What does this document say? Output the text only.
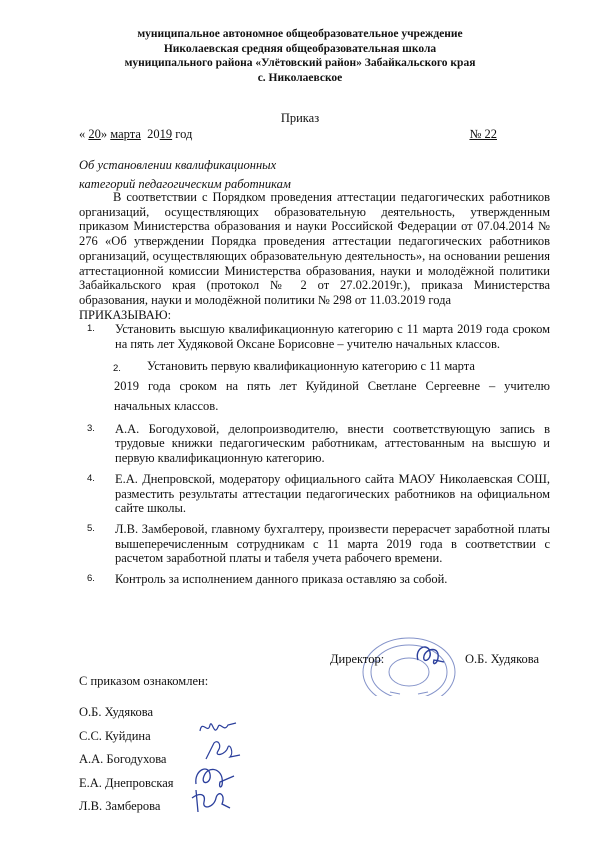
муниципальное автономное общеобразовательное учреждение
Николаевская средняя общеобразовательная школа
муниципального района «Улётовский район» Забайкальского края
с. Николаевское
Приказ
« 20» марта  2019 год	№ 22
Об установлении квалификационных
категорий педагогическим работникам

В соответствии с Порядком проведения аттестации педагогических работников организаций, осуществляющих образовательную деятельность, утвержденным приказом Министерства образования и науки Российской Федерации от 07.04.2014 № 276 «Об утверждении Порядка проведения аттестации педагогических работников организаций, осуществляющих образовательную деятельность», на основании решения аттестационной комиссии Министерства образования, науки и молодёжной политики Забайкальского края (протокол № 2 от 27.02.2019г.), приказа Министерства образования, науки и молодёжной политики № 298 от 11.03.2019 года

ПРИКАЗЫВАЮ:

1. Установить высшую квалификационную категорию с 11 марта 2019 года сроком на пять лет Худяковой Оксане Борисовне – учителю начальных классов.
2.	Установить первую квалификационную категорию с 11 марта
2019 года сроком на пять лет Куйдиной Светлане Сергеевне – учителю начальных классов.
3. А.А. Богодуховой, делопроизводителю, внести соответствующую запись в трудовые книжки педагогическим работникам, аттестованным на высшую и первую квалификационную категорию.
4. Е.А. Днепровской, модератору официального сайта МАОУ Николаевская СОШ, разместить результаты аттестации педагогических работников на официальном сайте школы.
5. Л.В. Замберовой, главному бухгалтеру, произвести перерасчет заработной платы вышеперечисленным сотрудникам с 11 марта 2019 года в соответствии с расчетом заработной платы и табеля учета рабочего времени.
6. Контроль за исполнением данного приказа оставляю за собой.
Директор:	О.Б. Худякова
С приказом ознакомлен:
О.Б. Худякова
С.С. Куйдина
А.А. Богодухова
Е.А. Днепровская
Л.В. Замберова
